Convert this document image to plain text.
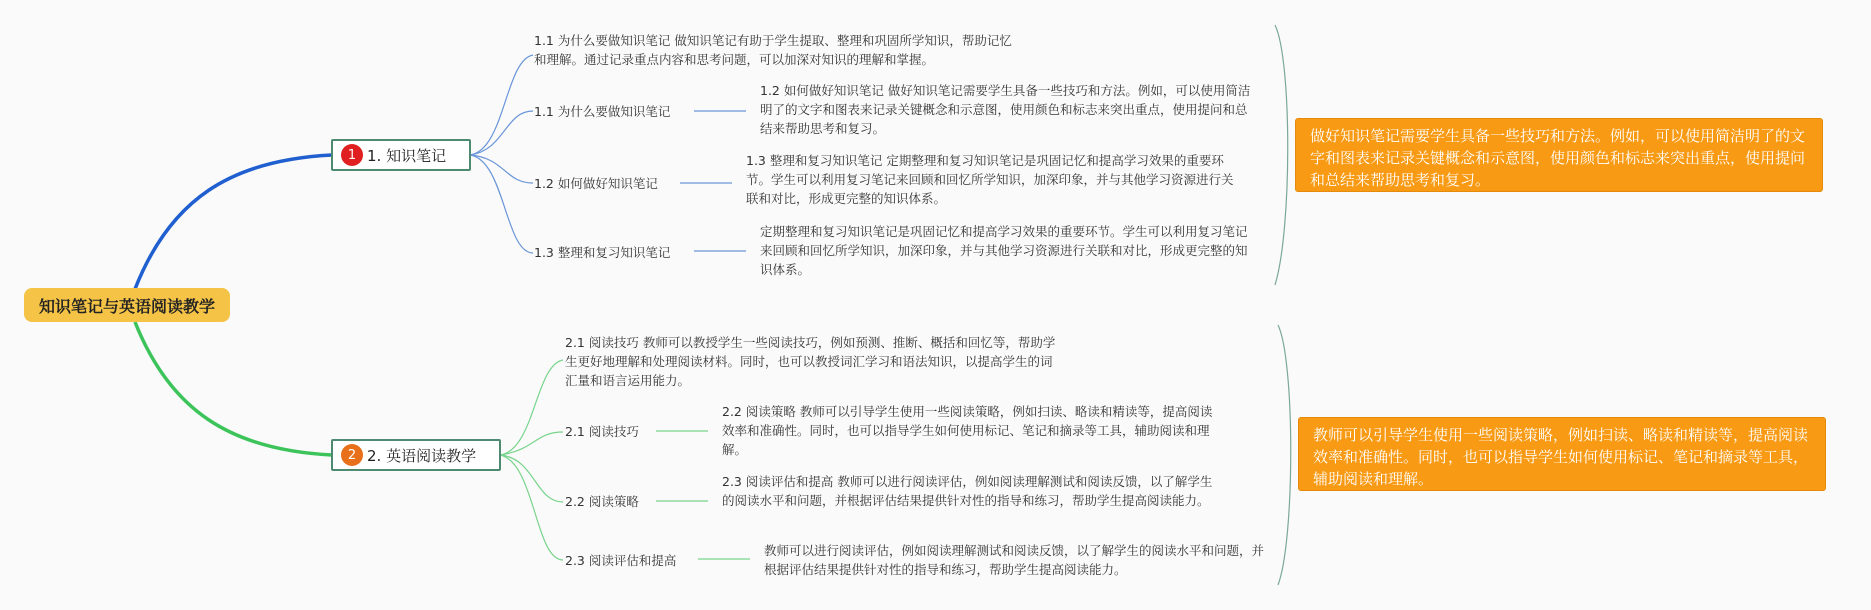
知识笔记与英语阅读教学
1 1. 知识笔记
1.1 为什么要做知识笔记 做知识笔记有助于学生提取、整理和巩固所学知识，帮助记忆和理解。通过记录重点内容和思考问题，可以加深对知识的理解和掌握。
1.1 为什么要做知识笔记
1.2 如何做好知识笔记
1.3 整理和复习知识笔记
1.2 如何做好知识笔记 做好知识笔记需要学生具备一些技巧和方法。例如，可以使用简洁明了的文字和图表来记录关键概念和示意图，使用颜色和标志来突出重点，使用提问和总结来帮助思考和复习。
1.3 整理和复习知识笔记 定期整理和复习知识笔记是巩固记忆和提高学习效果的重要环节。学生可以利用复习笔记来回顾和回忆所学知识，加深印象，并与其他学习资源进行关联和对比，形成更完整的知识体系。
定期整理和复习知识笔记是巩固记忆和提高学习效果的重要环节。学生可以利用复习笔记来回顾和回忆所学知识，加深印象，并与其他学习资源进行关联和对比，形成更完整的知识体系。
做好知识笔记需要学生具备一些技巧和方法。例如，可以使用简洁明了的文字和图表来记录关键概念和示意图，使用颜色和标志来突出重点，使用提问和总结来帮助思考和复习。
2 2. 英语阅读教学
2.1 阅读技巧 教师可以教授学生一些阅读技巧，例如预测、推断、概括和回忆等，帮助学生更好地理解和处理阅读材料。同时，也可以教授词汇学习和语法知识，以提高学生的词汇量和语言运用能力。
2.1 阅读技巧
2.2 阅读策略
2.3 阅读评估和提高
2.2 阅读策略 教师可以引导学生使用一些阅读策略，例如扫读、略读和精读等，提高阅读效率和准确性。同时，也可以指导学生如何使用标记、笔记和摘录等工具，辅助阅读和理解。
2.3 阅读评估和提高 教师可以进行阅读评估，例如阅读理解测试和阅读反馈，以了解学生的阅读水平和问题，并根据评估结果提供针对性的指导和练习，帮助学生提高阅读能力。
教师可以进行阅读评估，例如阅读理解测试和阅读反馈，以了解学生的阅读水平和问题，并根据评估结果提供针对性的指导和练习，帮助学生提高阅读能力。
教师可以引导学生使用一些阅读策略，例如扫读、略读和精读等，提高阅读效率和准确性。同时，也可以指导学生如何使用标记、笔记和摘录等工具，辅助阅读和理解。
